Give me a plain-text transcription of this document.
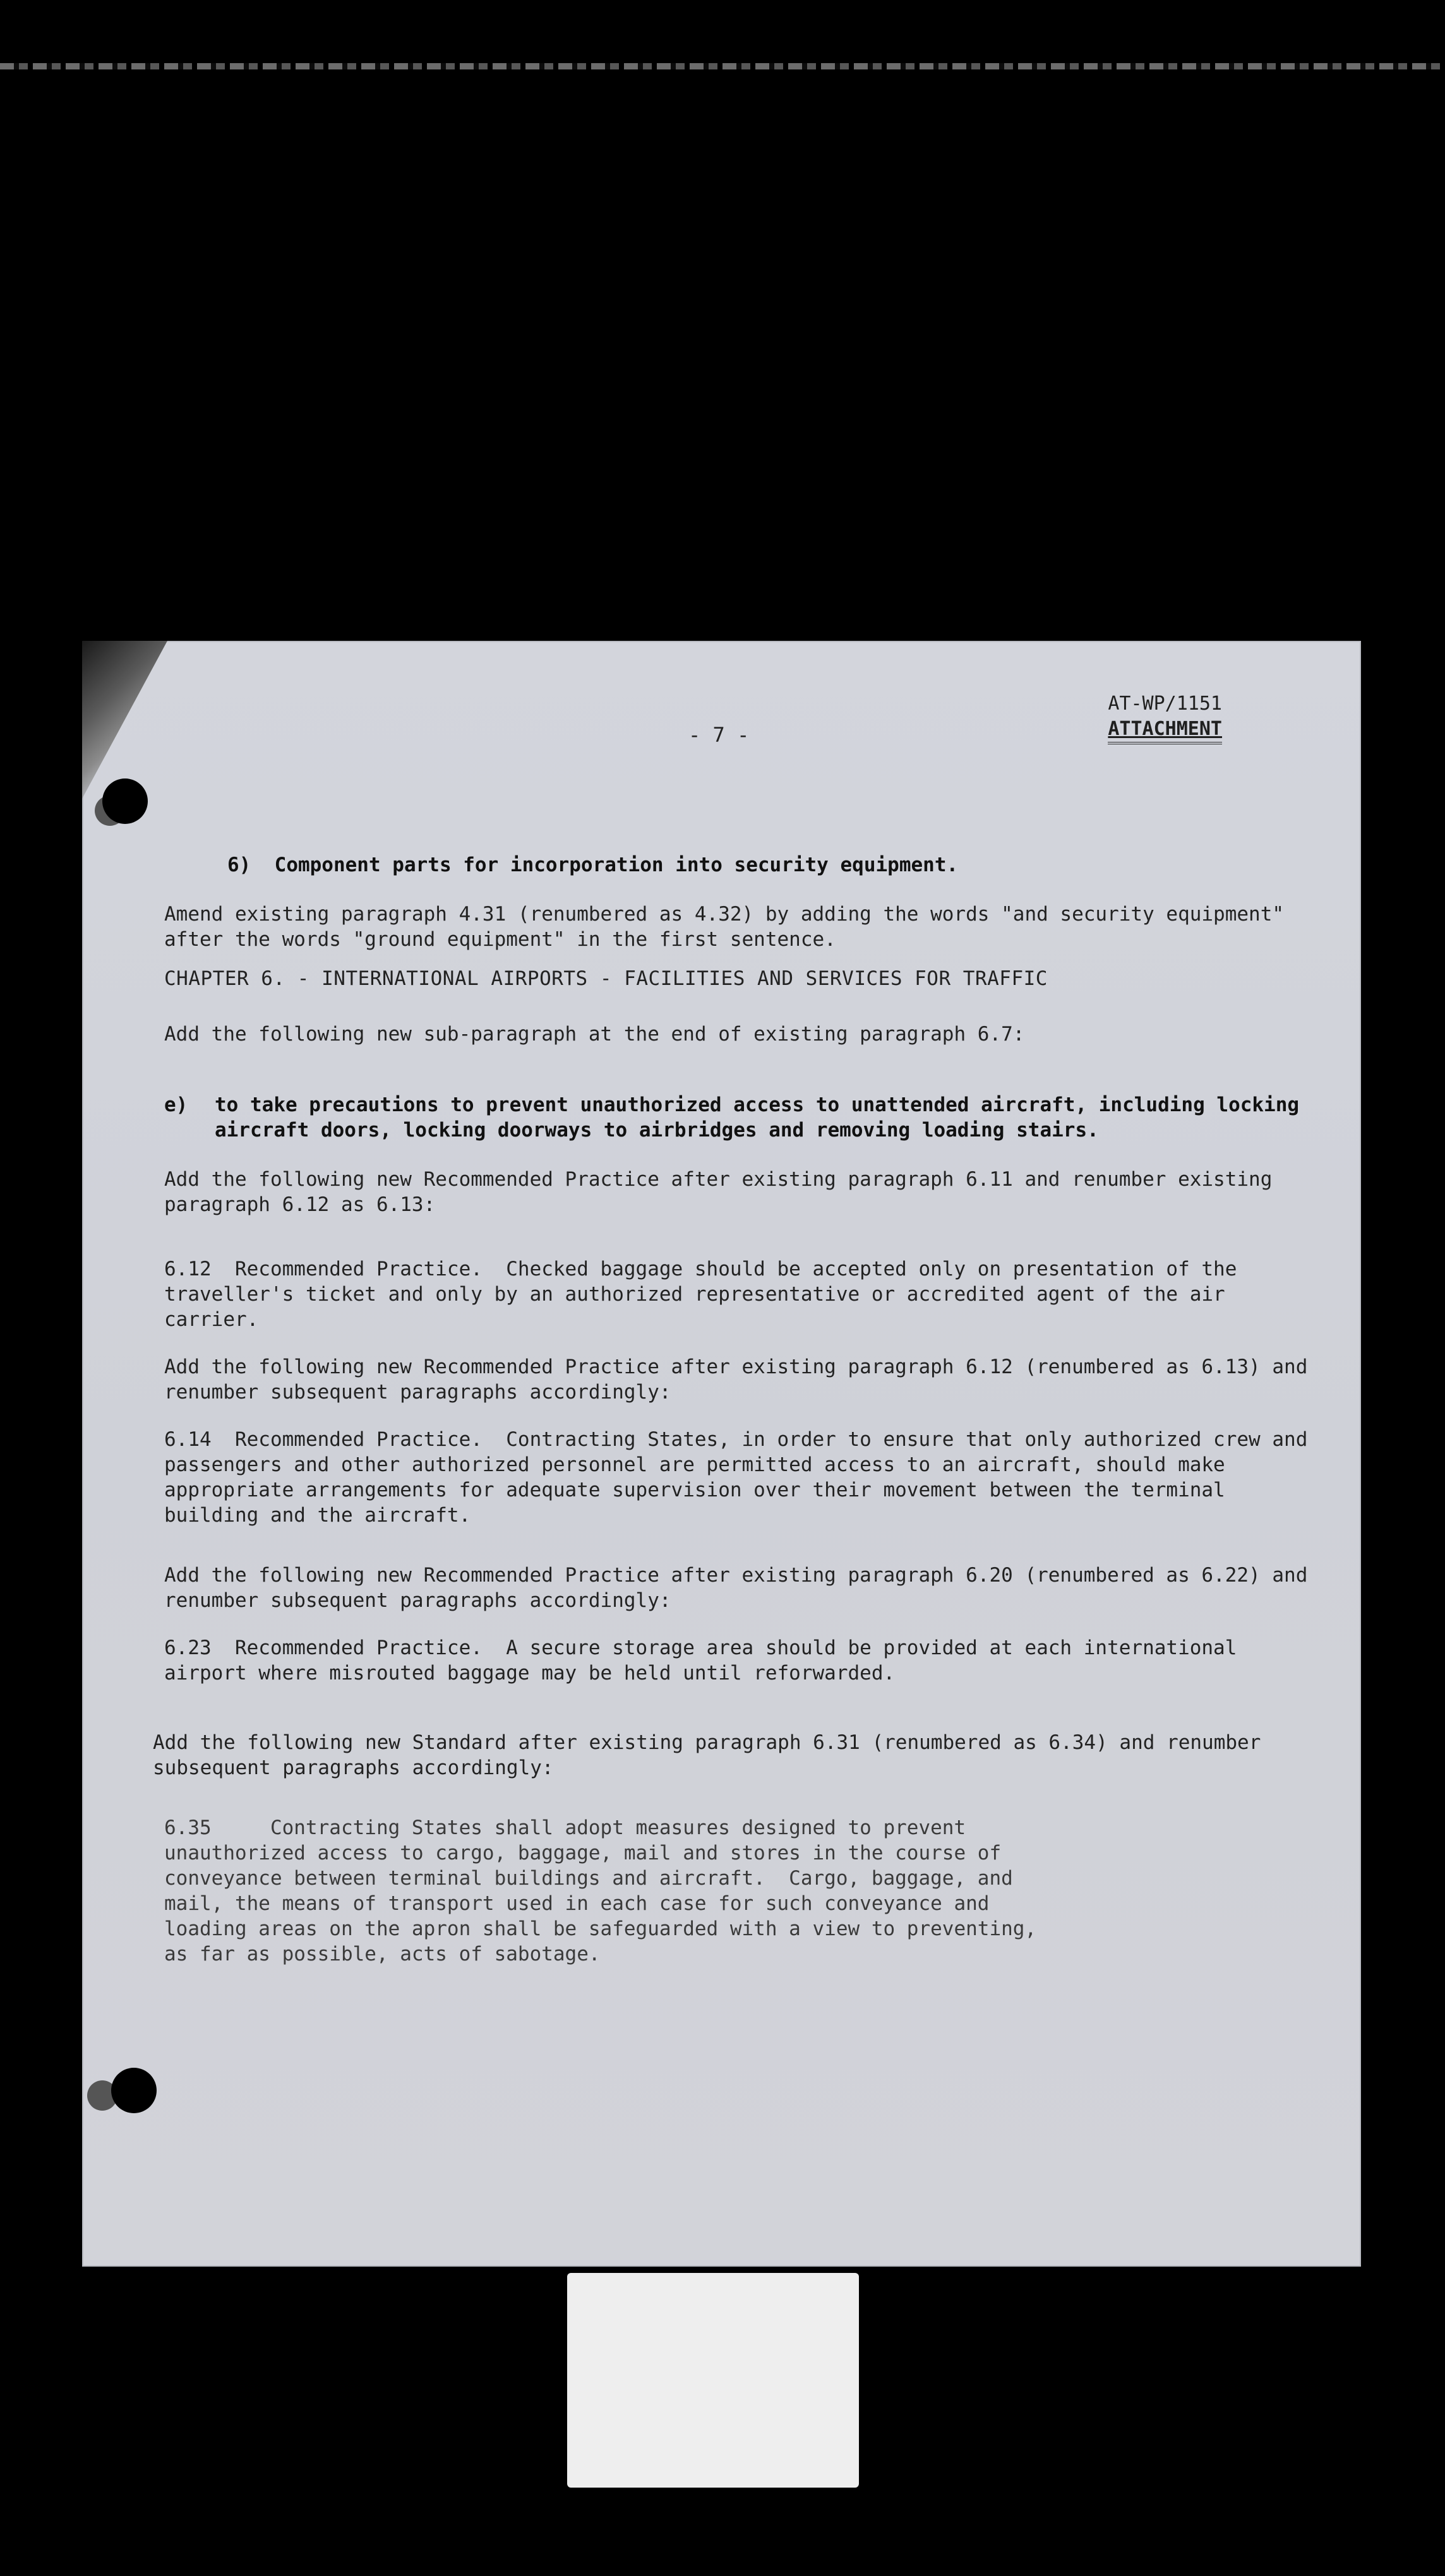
AT-WP/1151
ATTACHMENT
- 7 -
6)  Component parts for incorporation into security equipment.
Amend existing paragraph 4.31 (renumbered as 4.32) by adding the words "and security equipment" after the words "ground equipment" in the first sentence.
CHAPTER 6. - INTERNATIONAL AIRPORTS - FACILITIES AND SERVICES FOR TRAFFIC
Add the following new sub-paragraph at the end of existing paragraph 6.7:
e)	to take precautions to prevent unauthorized access to unattended aircraft, including locking aircraft doors, locking doorways to airbridges and removing loading stairs.
Add the following new Recommended Practice after existing paragraph 6.11 and renumber existing paragraph 6.12 as 6.13:
6.12  Recommended Practice.  Checked baggage should be accepted only on presentation of the traveller's ticket and only by an authorized representative or accredited agent of the air carrier.
Add the following new Recommended Practice after existing paragraph 6.12 (renumbered as 6.13) and renumber subsequent paragraphs accordingly:
6.14  Recommended Practice.  Contracting States, in order to ensure that only authorized crew and passengers and other authorized personnel are permitted access to an aircraft, should make appropriate arrangements for adequate supervision over their movement between the terminal building and the aircraft.
Add the following new Recommended Practice after existing paragraph 6.20 (renumbered as 6.22) and renumber subsequent paragraphs accordingly:
6.23  Recommended Practice.  A secure storage area should be provided at each international airport where misrouted baggage may be held until reforwarded.
Add the following new Standard after existing paragraph 6.31 (renumbered as 6.34) and renumber subsequent paragraphs accordingly:
6.35     Contracting States shall adopt measures designed to prevent
unauthorized access to cargo, baggage, mail and stores in the course of
conveyance between terminal buildings and aircraft.  Cargo, baggage, and
mail, the means of transport used in each case for such conveyance and
loading areas on the apron shall be safeguarded with a view to preventing,
as far as possible, acts of sabotage.
